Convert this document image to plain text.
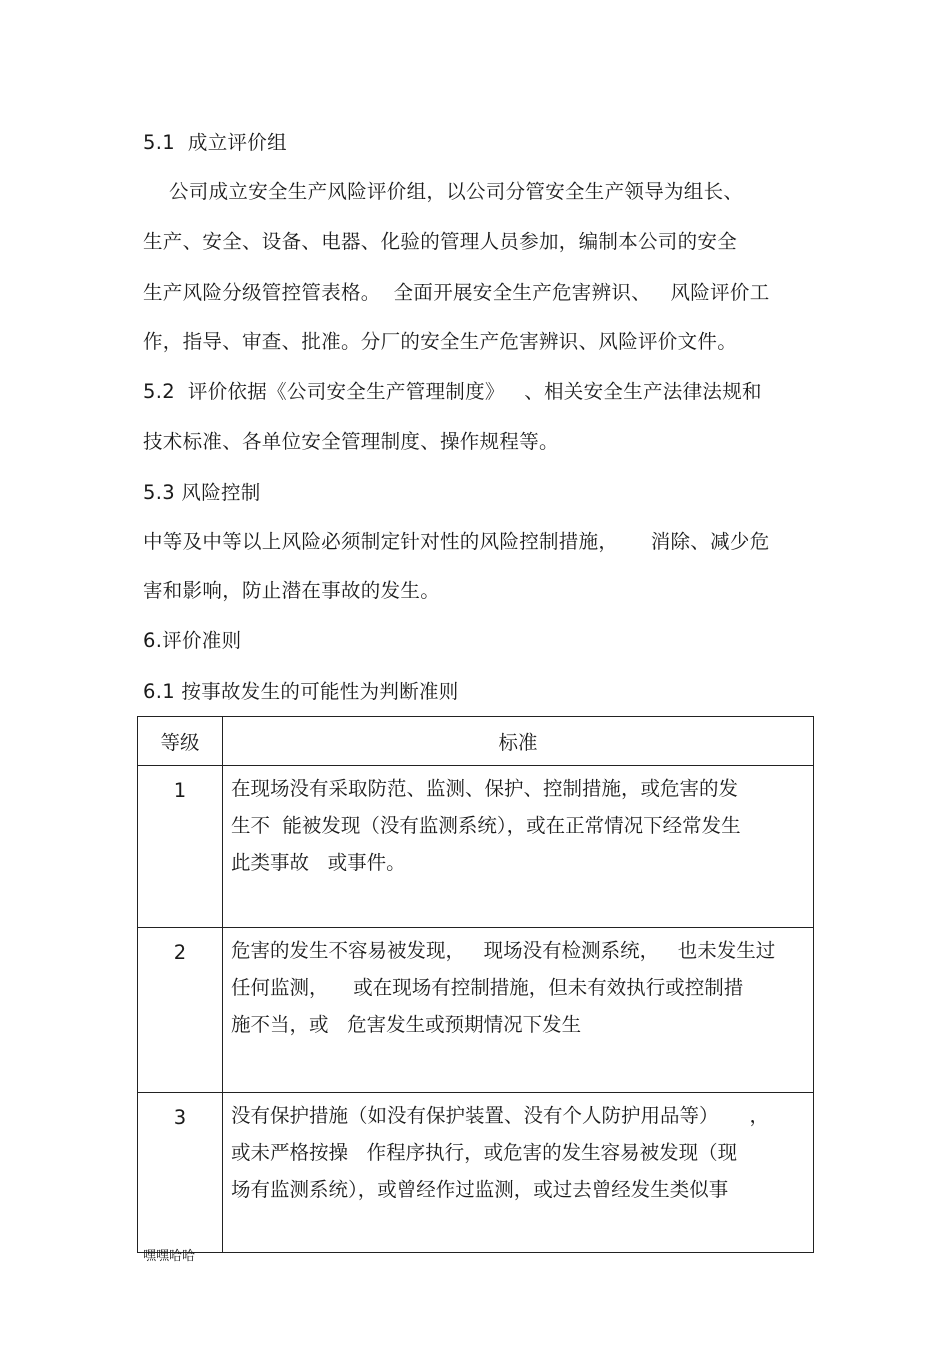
5.1  成立评价组
公司成立安全生产风险评价组，以公司分管安全生产领导为组长、
生产、安全、设备、电器、化验的管理人员参加，编制本公司的安全
生产风险分级管控管表格。  全面开展安全生产危害辨识、   风险评价工
作，指导、审查、批准。分厂的安全生产危害辨识、风险评价文件。
5.2  评价依据《公司安全生产管理制度》   、相关安全生产法律法规和
技术标准、各单位安全管理制度、操作规程等。
5.3 风险控制
中等及中等以上风险必须制定针对性的风险控制措施，     消除、减少危
害和影响，防止潜在事故的发生。
6.评价准则
6.1 按事故发生的可能性为判断准则
等级	标准
1	在现场没有采取防范、监测、保护、控制措施，或危害的发
生不  能被发现（没有监测系统），或在正常情况下经常发生
此类事故   或事件。

2	危害的发生不容易被发现，   现场没有检测系统，   也未发生过
任何监测，    或在现场有控制措施，但未有效执行或控制措
施不当，或   危害发生或预期情况下发生

3	没有保护措施（如没有保护装置、没有个人防护用品等）     ，
或未严格按操   作程序执行，或危害的发生容易被发现（现
场有监测系统），或曾经作过监测，或过去曾经发生类似事
嘿嘿哈哈
